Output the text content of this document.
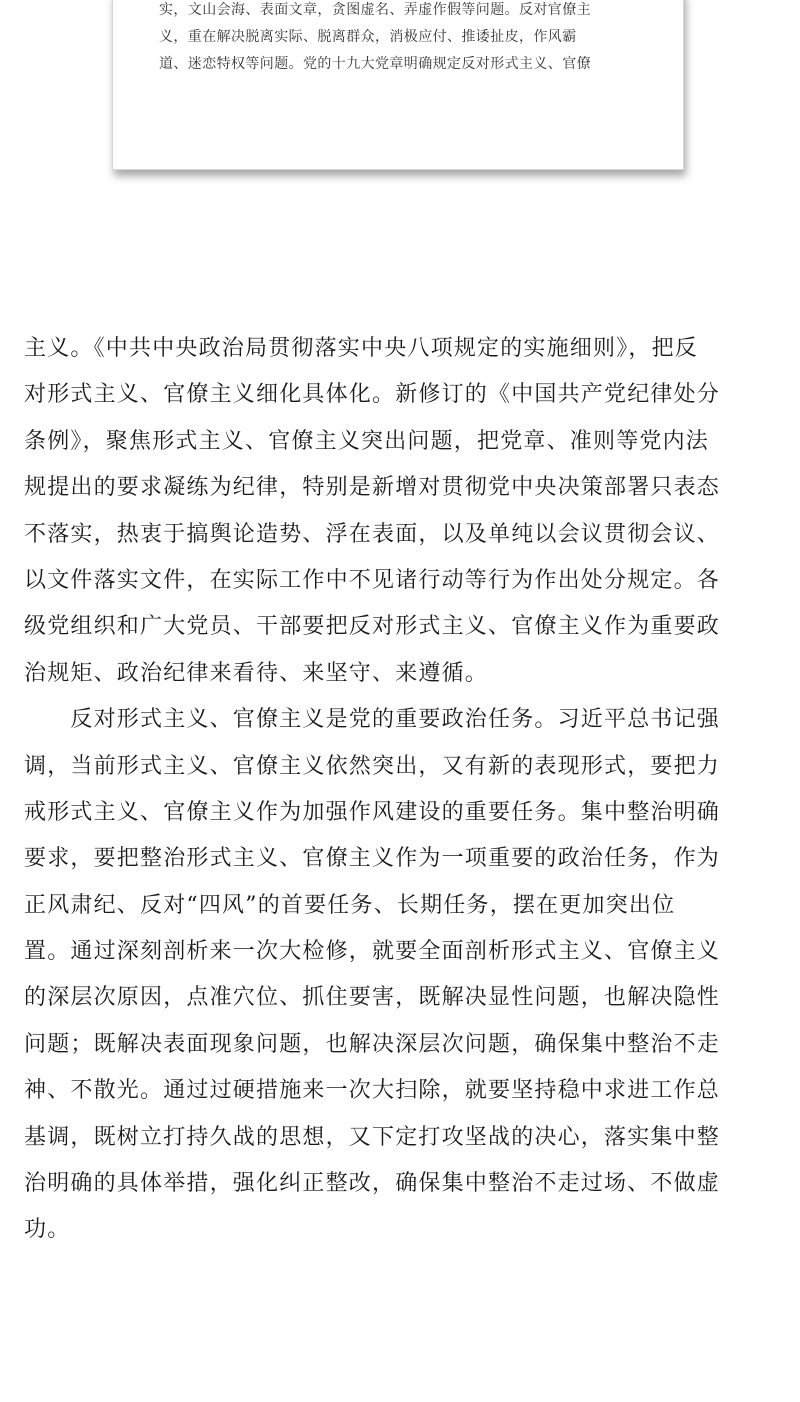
实，文山会海、表面文章，贪图虚名、弄虚作假等问题。反对官僚主
义，重在解决脱离实际、脱离群众，消极应付、推诿扯皮，作风霸
道、迷恋特权等问题。党的十九大党章明确规定反对形式主义、官僚

主义。《中共中央政治局贯彻落实中央八项规定的实施细则》，把反
对形式主义、官僚主义细化具体化。新修订的《中国共产党纪律处分
条例》，聚焦形式主义、官僚主义突出问题，把党章、准则等党内法
规提出的要求凝练为纪律，特别是新增对贯彻党中央决策部署只表态
不落实，热衷于搞舆论造势、浮在表面，以及单纯以会议贯彻会议、
以文件落实文件，在实际工作中不见诸行动等行为作出处分规定。各
级党组织和广大党员、干部要把反对形式主义、官僚主义作为重要政
治规矩、政治纪律来看待、来坚守、来遵循。
　　反对形式主义、官僚主义是党的重要政治任务。习近平总书记强
调，当前形式主义、官僚主义依然突出，又有新的表现形式，要把力
戒形式主义、官僚主义作为加强作风建设的重要任务。集中整治明确
要求，要把整治形式主义、官僚主义作为一项重要的政治任务，作为
正风肃纪、反对“四风”的首要任务、长期任务，摆在更加突出位
置。通过深刻剖析来一次大检修，就要全面剖析形式主义、官僚主义
的深层次原因，点准穴位、抓住要害，既解决显性问题，也解决隐性
问题；既解决表面现象问题，也解决深层次问题，确保集中整治不走
神、不散光。通过过硬措施来一次大扫除，就要坚持稳中求进工作总
基调，既树立打持久战的思想，又下定打攻坚战的决心，落实集中整
治明确的具体举措，强化纠正整改，确保集中整治不走过场、不做虚
功。
